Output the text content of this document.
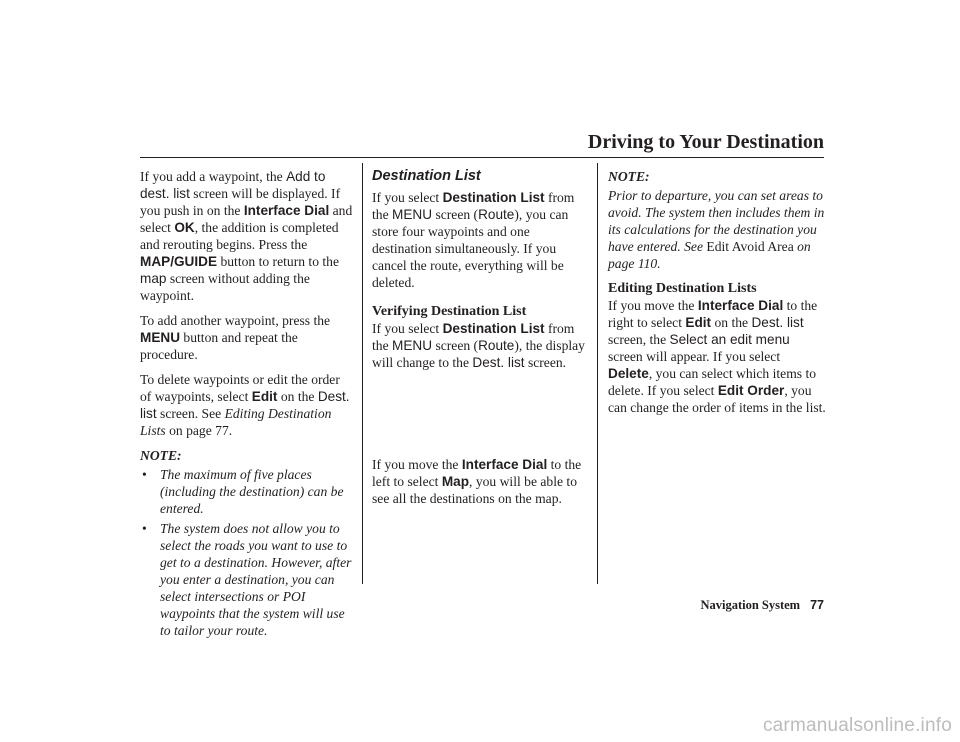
Driving to Your Destination

If you add a waypoint, the Add to dest. list screen will be displayed. If you push in on the Interface Dial and select OK, the addition is completed and rerouting begins. Press the MAP/GUIDE button to return to the map screen without adding the waypoint.

To add another waypoint, press the MENU button and repeat the procedure.

To delete waypoints or edit the order of waypoints, select Edit on the Dest. list screen. See Editing Destination Lists on page 77.

NOTE:
• The maximum of five places (including the destination) can be entered.
• The system does not allow you to select the roads you want to use to get to a destination. However, after you enter a destination, you can select intersections or POI waypoints that the system will use to tailor your route.
Destination List

If you select Destination List from the MENU screen (Route), you can store four waypoints and one destination simultaneously. If you cancel the route, everything will be deleted.

Verifying Destination List

If you select Destination List from the MENU screen (Route), the display will change to the Dest. list screen.

If you move the Interface Dial to the left to select Map, you will be able to see all the destinations on the map.

NOTE:

Prior to departure, you can set areas to avoid. The system then includes them in its calculations for the destination you have entered. See Edit Avoid Area on page 110.

Editing Destination Lists

If you move the Interface Dial to the right to select Edit on the Dest. list screen, the Select an edit menu screen will appear. If you select Delete, you can select which items to delete. If you select Edit Order, you can change the order of items in the list.

Navigation System 77
carmanualsonline.info
